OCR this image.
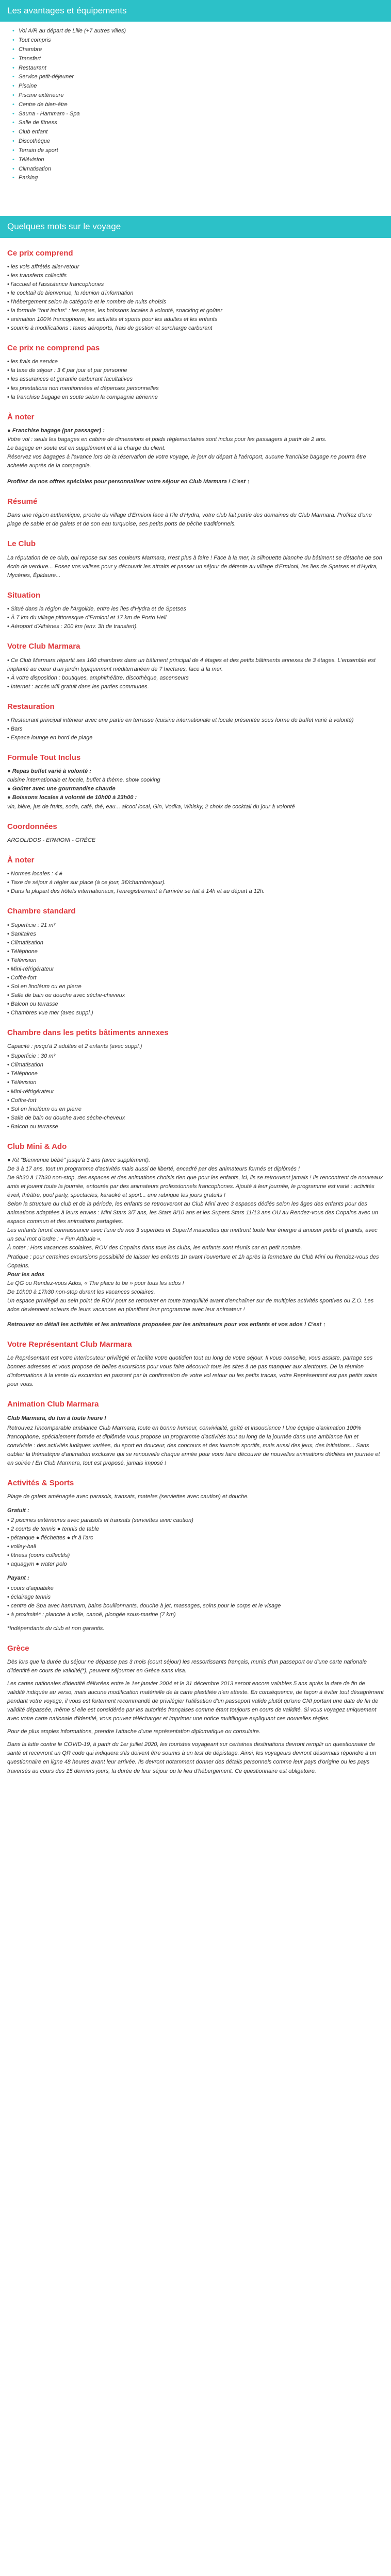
Les avantages et équipements
• Vol A/R au départ de Lille (+7 autres villes)
• Tout compris
• Chambre
• Transfert
• Restaurant
• Service petit-déjeuner
• Piscine
• Piscine extérieure
• Centre de bien-être
• Sauna - Hammam - Spa
• Salle de fitness
• Club enfant
• Discothèque
• Terrain de sport
• Télévision
• Climatisation
• Parking
Quelques mots sur le voyage
Ce prix comprend
• les vols affrétés aller-retour
• les transferts collectifs
• l'accueil et l'assistance francophones
• le cocktail de bienvenue, la réunion d'information
• l'hébergement selon la catégorie et le nombre de nuits choisis
• la formule "tout inclus" : les repas, les boissons locales à volonté, snacking et goûter
• animation 100% francophone, les activités et sports pour les adultes et les enfants
• soumis à modifications : taxes aéroports, frais de gestion et surcharge carburant
Ce prix ne comprend pas
• les frais de service
• la taxe de séjour : 3 € par jour et par personne
• les assurances et garantie carburant facultatives
• les prestations non mentionnées et dépenses personnelles
• la franchise bagage en soute selon la compagnie aérienne
À noter

● Franchise bagage (par passager) :
Votre vol : seuls les bagages en cabine de dimensions et poids réglementaires sont inclus pour les passagers à partir de 2 ans.
Le bagage en soute est en supplément et à la charge du client.
Réservez vos bagages à l'avance lors de la réservation de votre voyage, le jour du départ à l'aéroport, aucune franchise bagage ne pourra être achetée auprès de la compagnie.

Profitez de nos offres spéciales pour personnaliser votre séjour en Club Marmara ! C'est ↑

Résumé

Dans une région authentique, proche du village d'Ermioni face à l'île d'Hydra, votre club fait partie des domaines du Club Marmara. Profitez d'une plage de sable et de galets et de son eau turquoise, ses petits ports de pêche traditionnels.

Le Club

La réputation de ce club, qui repose sur ses couleurs Marmara, n'est plus à faire ! Face à la mer, la silhouette blanche du bâtiment se détache de son écrin de verdure... Posez vos valises pour y découvrir les attraits et passer un séjour de détente au village d'Ermioni, les îles de Spetses et d'Hydra, Mycènes, Épidaure...

Situation
• Situé dans la région de l'Argolide, entre les îles d'Hydra et de Spetses
• À 7 km du village pittoresque d'Ermioni et 17 km de Porto Heli
• Aéroport d'Athènes : 200 km (env. 3h de transfert).
Votre Club Marmara
• Ce Club Marmara répartit ses 160 chambres dans un bâtiment principal de 4 étages et des petits bâtiments annexes de 3 étages. L'ensemble est implanté au cœur d'un jardin typiquement méditerranéen de 7 hectares, face à la mer.
• À votre disposition : boutiques, amphithéâtre, discothèque, ascenseurs
• Internet : accès wifi gratuit dans les parties communes.
Restauration
• Restaurant principal intérieur avec une partie en terrasse (cuisine internationale et locale présentée sous forme de buffet varié à volonté)
• Bars
• Espace lounge en bord de plage
Formule Tout Inclus

● Repas buffet varié à volonté :
cuisine internationale et locale, buffet à thème, show cooking
● Goûter avec une gourmandise chaude
● Boissons locales à volonté de 10h00 à 23h00 :
vin, bière, jus de fruits, soda, café, thé, eau... alcool local, Gin, Vodka, Whisky, 2 choix de cocktail du jour à volonté

Coordonnées

ARGOLIDOS - ERMIONI - GRÈCE

À noter
• Normes locales : 4★
• Taxe de séjour à régler sur place (à ce jour, 3€/chambre/jour).
• Dans la plupart des hôtels internationaux, l'enregistrement à l'arrivée se fait à 14h et au départ à 12h.
Chambre standard
• Superficie : 21 m²
• Sanitaires
• Climatisation
• Téléphone
• Télévision
• Mini-réfrigérateur
• Coffre-fort
• Sol en linoléum ou en pierre
• Salle de bain ou douche avec sèche-cheveux
• Balcon ou terrasse
• Chambres vue mer (avec suppl.)
Chambre dans les petits bâtiments annexes

Capacité : jusqu'à 2 adultes et 2 enfants (avec suppl.)

• Superficie : 30 m²
• Climatisation
• Téléphone
• Télévision
• Mini-réfrigérateur
• Coffre-fort
• Sol en linoléum ou en pierre
• Salle de bain ou douche avec sèche-cheveux
• Balcon ou terrasse
Club Mini & Ado

● Kit "Bienvenue bébé" jusqu'à 3 ans (avec supplément).
De 3 à 17 ans, tout un programme d'activités mais aussi de liberté, encadré par des animateurs formés et diplômés !
De 9h30 à 17h30 non-stop, des espaces et des animations choisis rien que pour les enfants, ici, ils se retrouvent jamais ! Ils rencontrent de nouveaux amis et jouent toute la journée, entourés par des animateurs professionnels francophones. Ajouté à leur journée, le programme est varié : activités éveil, théâtre, pool party, spectacles, karaoké et sport... une rubrique les jours gratuits !
Selon la structure du club et de la période, les enfants se retrouveront au Club Mini avec 3 espaces dédiés selon les âges des enfants pour des animations adaptées à leurs envies : Mini Stars 3/7 ans, les Stars 8/10 ans et les Supers Stars 11/13 ans OU au Rendez-vous des Copains avec un espace commun et des animations partagées.
Les enfants feront connaissance avec l'une de nos 3 superbes et SuperM mascottes qui mettront toute leur énergie à amuser petits et grands, avec un seul mot d'ordre : « Fun Attitude ».
À noter : Hors vacances scolaires, ROV des Copains dans tous les clubs, les enfants sont réunis car en petit nombre.
Pratique : pour certaines excursions possibilité de laisser les enfants 1h avant l'ouverture et 1h après la fermeture du Club Mini ou Rendez-vous des Copains.
Pour les ados
Le QG ou Rendez-vous Ados, « The place to be » pour tous les ados !
De 10h00 à 17h30 non-stop durant les vacances scolaires.
Un espace privilégié au sein point de ROV pour se retrouver en toute tranquillité avant d'enchaîner sur de multiples activités sportives ou Z.O. Les ados deviennent acteurs de leurs vacances en planifiant leur programme avec leur animateur !

Retrouvez en détail les activités et les animations proposées par les animateurs pour vos enfants et vos ados ! C'est ↑

Votre Représentant Club Marmara

Le Représentant est votre interlocuteur privilégié et facilite votre quotidien tout au long de votre séjour. Il vous conseille, vous assiste, partage ses bonnes adresses et vous propose de belles excursions pour vous faire découvrir tous les sites à ne pas manquer aux alentours. De la réunion d'informations à la vente du excursion en passant par la confirmation de votre vol retour ou les petits tracas, votre Représentant est pas petits soins pour vous.

Animation Club Marmara

Club Marmara, du fun à toute heure !

Retrouvez l'incomparable ambiance Club Marmara, toute en bonne humeur, convivialité, gaîté et insouciance ! Une équipe d'animation 100% francophone, spécialement formée et diplômée vous propose un programme d'activités tout au long de la journée dans une ambiance fun et conviviale : des activités ludiques variées, du sport en douceur, des concours et des tournois sportifs, mais aussi des jeux, des initiations... Sans oublier la thématique d'animation exclusive qui se renouvelle chaque année pour vous faire découvrir de nouvelles animations dédiées en journée et en soirée ! En Club Marmara, tout est proposé, jamais imposé !

Activités & Sports

Plage de galets aménagée avec parasols, transats, matelas (serviettes avec caution) et douche.

Gratuit :

• 2 piscines extérieures avec parasols et transats (serviettes avec caution)
• 2 courts de tennis ● tennis de table
• pétanque ● fléchettes ● tir à l'arc
• volley-ball
• fitness (cours collectifs)
• aquagym ● water polo

Payant :

• cours d'aquabike
• éclairage tennis
• centre de Spa avec hammam, bains bouillonnants, douche à jet, massages, soins pour le corps et le visage
• à proximité* : planche à voile, canoë, plongée sous-marine (7 km)

*Indépendants du club et non garantis.

Grèce

Dès lors que la durée du séjour ne dépasse pas 3 mois (court séjour) les ressortissants français, munis d'un passeport ou d'une carte nationale d'identité en cours de validité(*), peuvent séjourner en Grèce sans visa.

Les cartes nationales d'identité délivrées entre le 1er janvier 2004 et le 31 décembre 2013 seront encore valables 5 ans après la date de fin de validité indiquée au verso, mais aucune modification matérielle de la carte plastifiée n'en atteste. En conséquence, de façon à éviter tout désagrément pendant votre voyage, il vous est fortement recommandé de privilégier l'utilisation d'un passeport valide plutôt qu'une CNI portant une date de fin de validité dépassée, même si elle est considérée par les autorités françaises comme étant toujours en cours de validité. Si vous voyagez uniquement avec votre carte nationale d'identité, vous pouvez télécharger et imprimer une notice multilingue expliquant ces nouvelles règles.

Pour de plus amples informations, prendre l'attache d'une représentation diplomatique ou consulaire.

Dans la lutte contre le COVID-19, à partir du 1er juillet 2020, les touristes voyageant sur certaines destinations devront remplir un questionnaire de santé et recevront un QR code qui indiquera s'ils doivent être soumis à un test de dépistage. Ainsi, les voyageurs devront désormais répondre à un questionnaire en ligne 48 heures avant leur arrivée. Ils devront notamment donner des détails personnels comme leur pays d'origine ou les pays traversés au cours des 15 derniers jours, la durée de leur séjour ou le lieu d'hébergement. Ce questionnaire est obligatoire.
